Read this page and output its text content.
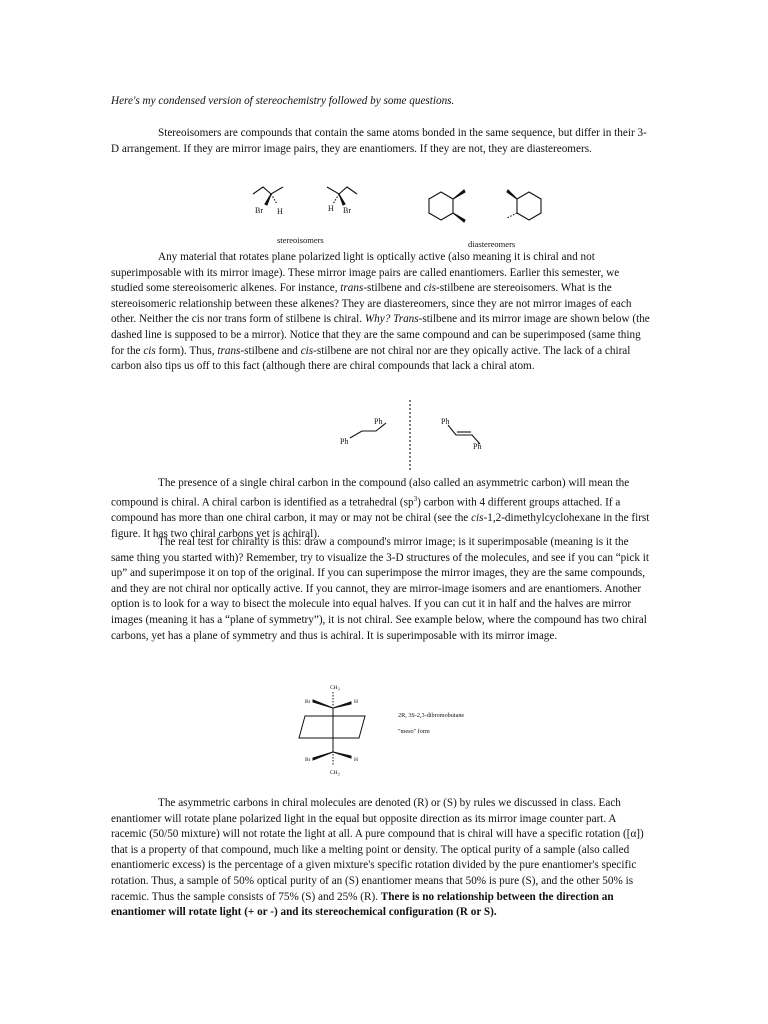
Here's my condensed version of stereochemistry followed by some questions.

Stereoisomers are compounds that contain the same atoms bonded in the same sequence, but differ in their 3-D arrangement. If they are mirror image pairs, they are enantiomers. If they are not, they are diastereomers.

Br H	H Br

stereoisomers	diastereomers

Any material that rotates plane polarized light is optically active (also meaning it is chiral and not superimposable with its mirror image). These mirror image pairs are called enantiomers. Earlier this semester, we studied some stereoisomeric alkenes. For instance, trans-stilbene and cis-stilbene are stereoisomers. What is the stereoisomeric relationship between these alkenes? They are diastereomers, since they are not mirror images of each other. Neither the cis nor trans form of stilbene is chiral. Why? Trans-stilbene and its mirror image are shown below (the dashed line is supposed to be a mirror). Notice that they are the same compound and can be superimposed (same thing for the cis form). Thus, trans-stilbene and cis-stilbene are not chiral nor are they opically active. The lack of a chiral carbon also tips us off to this fact (although there are chiral compounds that lack a chiral atom.

Ph
Ph
Ph
Ph

The presence of a single chiral carbon in the compound (also called an asymmetric carbon) will mean the compound is chiral. A chiral carbon is identified as a tetrahedral $(sp^3)$ carbon with 4 different groups attached. If a compound has more than one chiral carbon, it may or may not be chiral (see the cis-1,2-dimethylcyclohexane in the first figure. It has two chiral carbons yet is achiral).

The real test for chirality is this: draw a compound's mirror image; is it superimposable (meaning is it the same thing you started with)? Remember, try to visualize the 3-D structures of the molecules, and see if you can “pick it up” and superimpose it on top of the original. If you can superimpose the mirror images, they are the same compounds, and they are not chiral nor optically active. If you cannot, they are mirror-image isomers and are enantiomers. Another option is to look for a way to bisect the molecule into equal halves. If you can cut it in half and the halves are mirror images (meaning it has a “plane of symmetry”), it is not chiral. See example below, where the compound has two chiral carbons, yet has a plane of symmetry and thus is achiral. It is superimposable with its mirror image.

$CH_3$
Br	H
Br	H
$CH_3$

2R, 3S-2,3-dibromobutane

"meso" form

The asymmetric carbons in chiral molecules are denoted (R) or (S) by rules we discussed in class. Each enantiomer will rotate plane polarized light in the equal but opposite direction as its mirror image counter part. A racemic (50/50 mixture) will not rotate the light at all. A pure compound that is chiral will have a specific rotation ([α]) that is a property of that compound, much like a melting point or density. The optical purity of a sample (also called enantiomeric excess) is the percentage of a given mixture's specific rotation divided by the pure enantiomer's specific rotation. Thus, a sample of 50% optical purity of an (S) enantiomer means that 50% is pure (S), and the other 50% is racemic. Thus the sample consists of 75% (S) and 25% (R). There is no relationship between the direction an enantiomer will rotate light (+ or -) and its stereochemical configuration (R or S).
